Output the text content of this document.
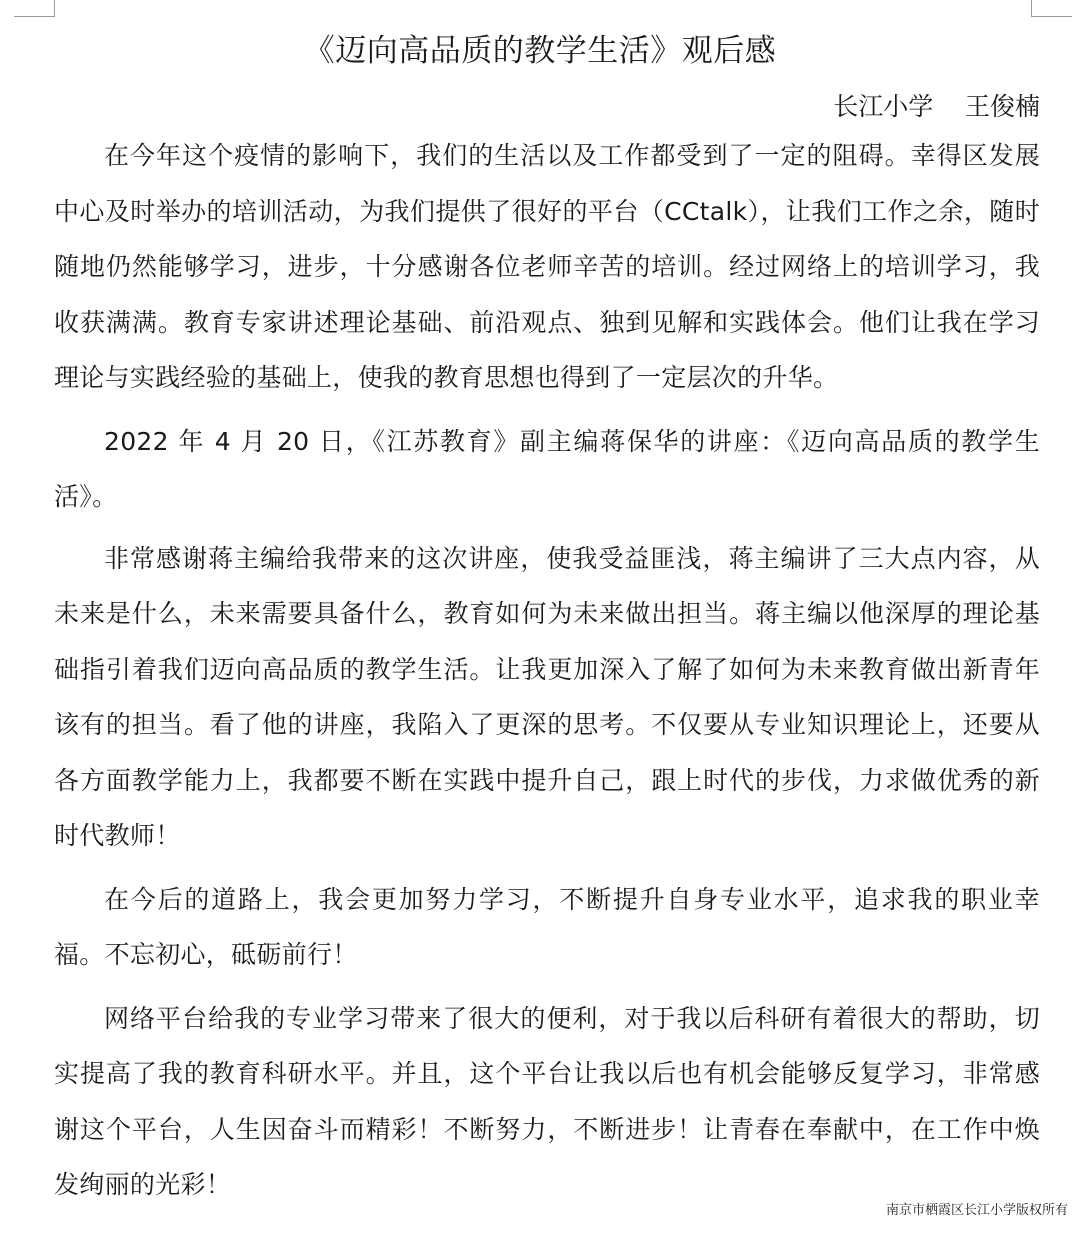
《迈向高品质的教学生活》观后感
长江小学    王俊楠

在今年这个疫情的影响下，我们的生活以及工作都受到了一定的阻碍。幸得区发展中心及时举办的培训活动，为我们提供了很好的平台（CCtalk），让我们工作之余，随时随地仍然能够学习，进步，十分感谢各位老师辛苦的培训。经过网络上的培训学习，我收获满满。教育专家讲述理论基础、前沿观点、独到见解和实践体会。他们让我在学习理论与实践经验的基础上，使我的教育思想也得到了一定层次的升华。

2022 年 4 月 20 日，《江苏教育》副主编蒋保华的讲座：《迈向高品质的教学生活》。

非常感谢蒋主编给我带来的这次讲座，使我受益匪浅，蒋主编讲了三大点内容，从未来是什么，未来需要具备什么，教育如何为未来做出担当。蒋主编以他深厚的理论基础指引着我们迈向高品质的教学生活。让我更加深入了解了如何为未来教育做出新青年该有的担当。看了他的讲座，我陷入了更深的思考。不仅要从专业知识理论上，还要从各方面教学能力上，我都要不断在实践中提升自己，跟上时代的步伐，力求做优秀的新时代教师！

在今后的道路上，我会更加努力学习，不断提升自身专业水平，追求我的职业幸福。不忘初心，砥砺前行！

网络平台给我的专业学习带来了很大的便利，对于我以后科研有着很大的帮助，切实提高了我的教育科研水平。并且，这个平台让我以后也有机会能够反复学习，非常感谢这个平台，人生因奋斗而精彩！不断努力，不断进步！让青春在奉献中，在工作中焕发绚丽的光彩！

南京市栖霞区长江小学版权所有
